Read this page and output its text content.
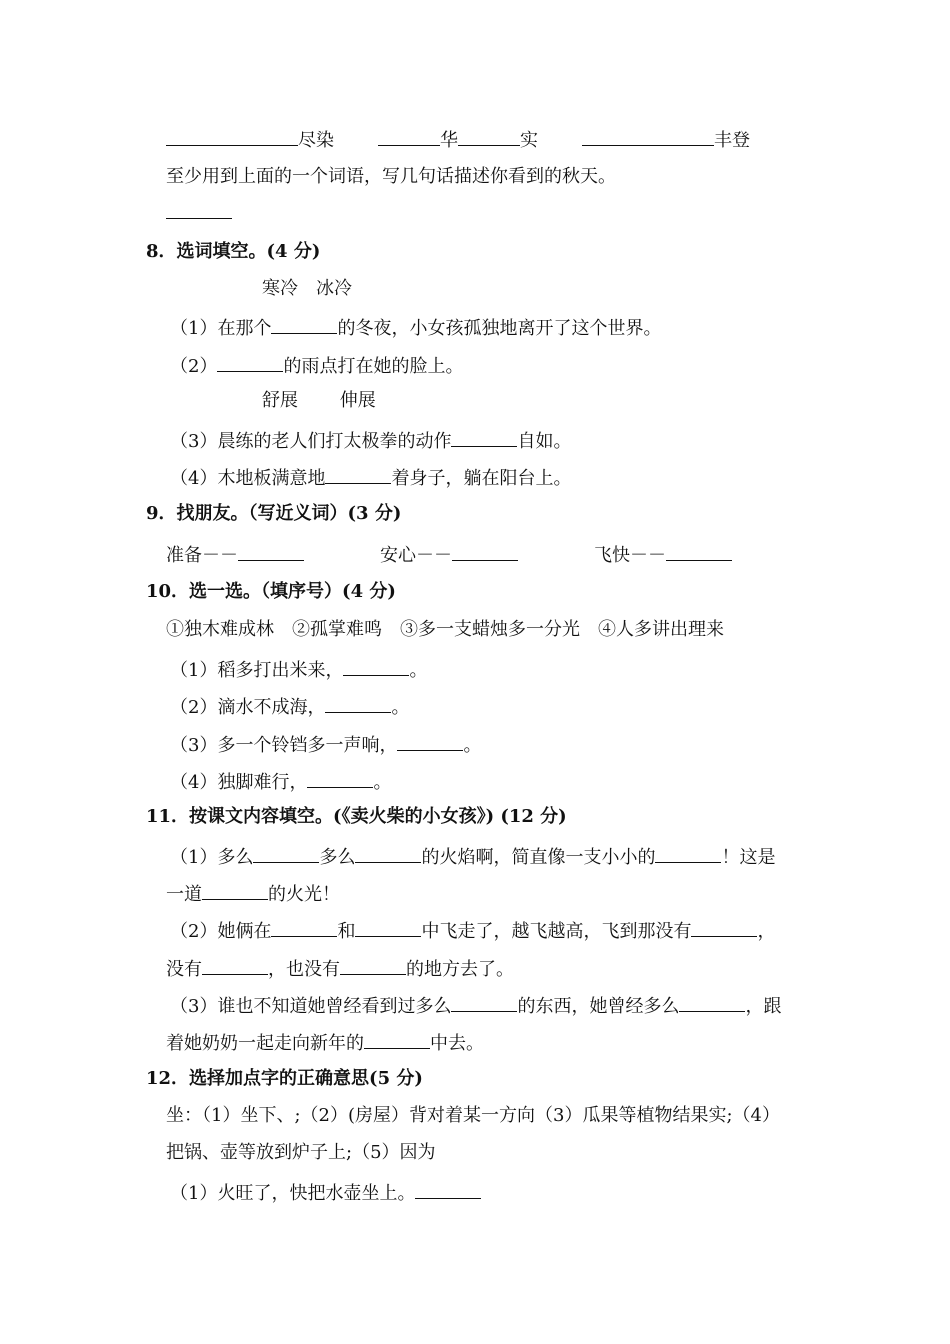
尽染	华	实	丰登
至少用到上面的一个词语，写几句话描述你看到的秋天。
8．选词填空。(4 分)
寒冷　冰冷
（1）在那个	的冬夜，小女孩孤独地离开了这个世界。
（2）	的雨点打在她的脸上。
舒展　　 伸展
（3）晨练的老人们打太极拳的动作	自如。
（4）木地板满意地	着身子，躺在阳台上。
9．找朋友。（写近义词）(3 分)
准备－－	安心－－	飞快－－
10．选一选。（填序号）(4 分)
①独木难成林　②孤掌难鸣　③多一支蜡烛多一分光　④人多讲出理来
（1）稻多打出米来，	。
（2）滴水不成海，	。
（3）多一个铃铛多一声响，	。
（4）独脚难行，	。
11．按课文内容填空。(《卖火柴的小女孩》) (12 分)
（1）多么	多么	的火焰啊，简直像一支小小的	！这是
一道	的火光！
（2）她俩在	和	中飞走了，越飞越高，飞到那没有	，
没有	，也没有	的地方去了。
（3）谁也不知道她曾经看到过多么	的东西，她曾经多么	，跟
着她奶奶一起走向新年的	中去。
12．选择加点字的正确意思(5 分)
坐：（1）坐下、;（2）(房屋）背对着某一方向（3）瓜果等植物结果实;（4）
把锅、壶等放到炉子上;（5）因为
（1）火旺了，快把水壶坐上。
